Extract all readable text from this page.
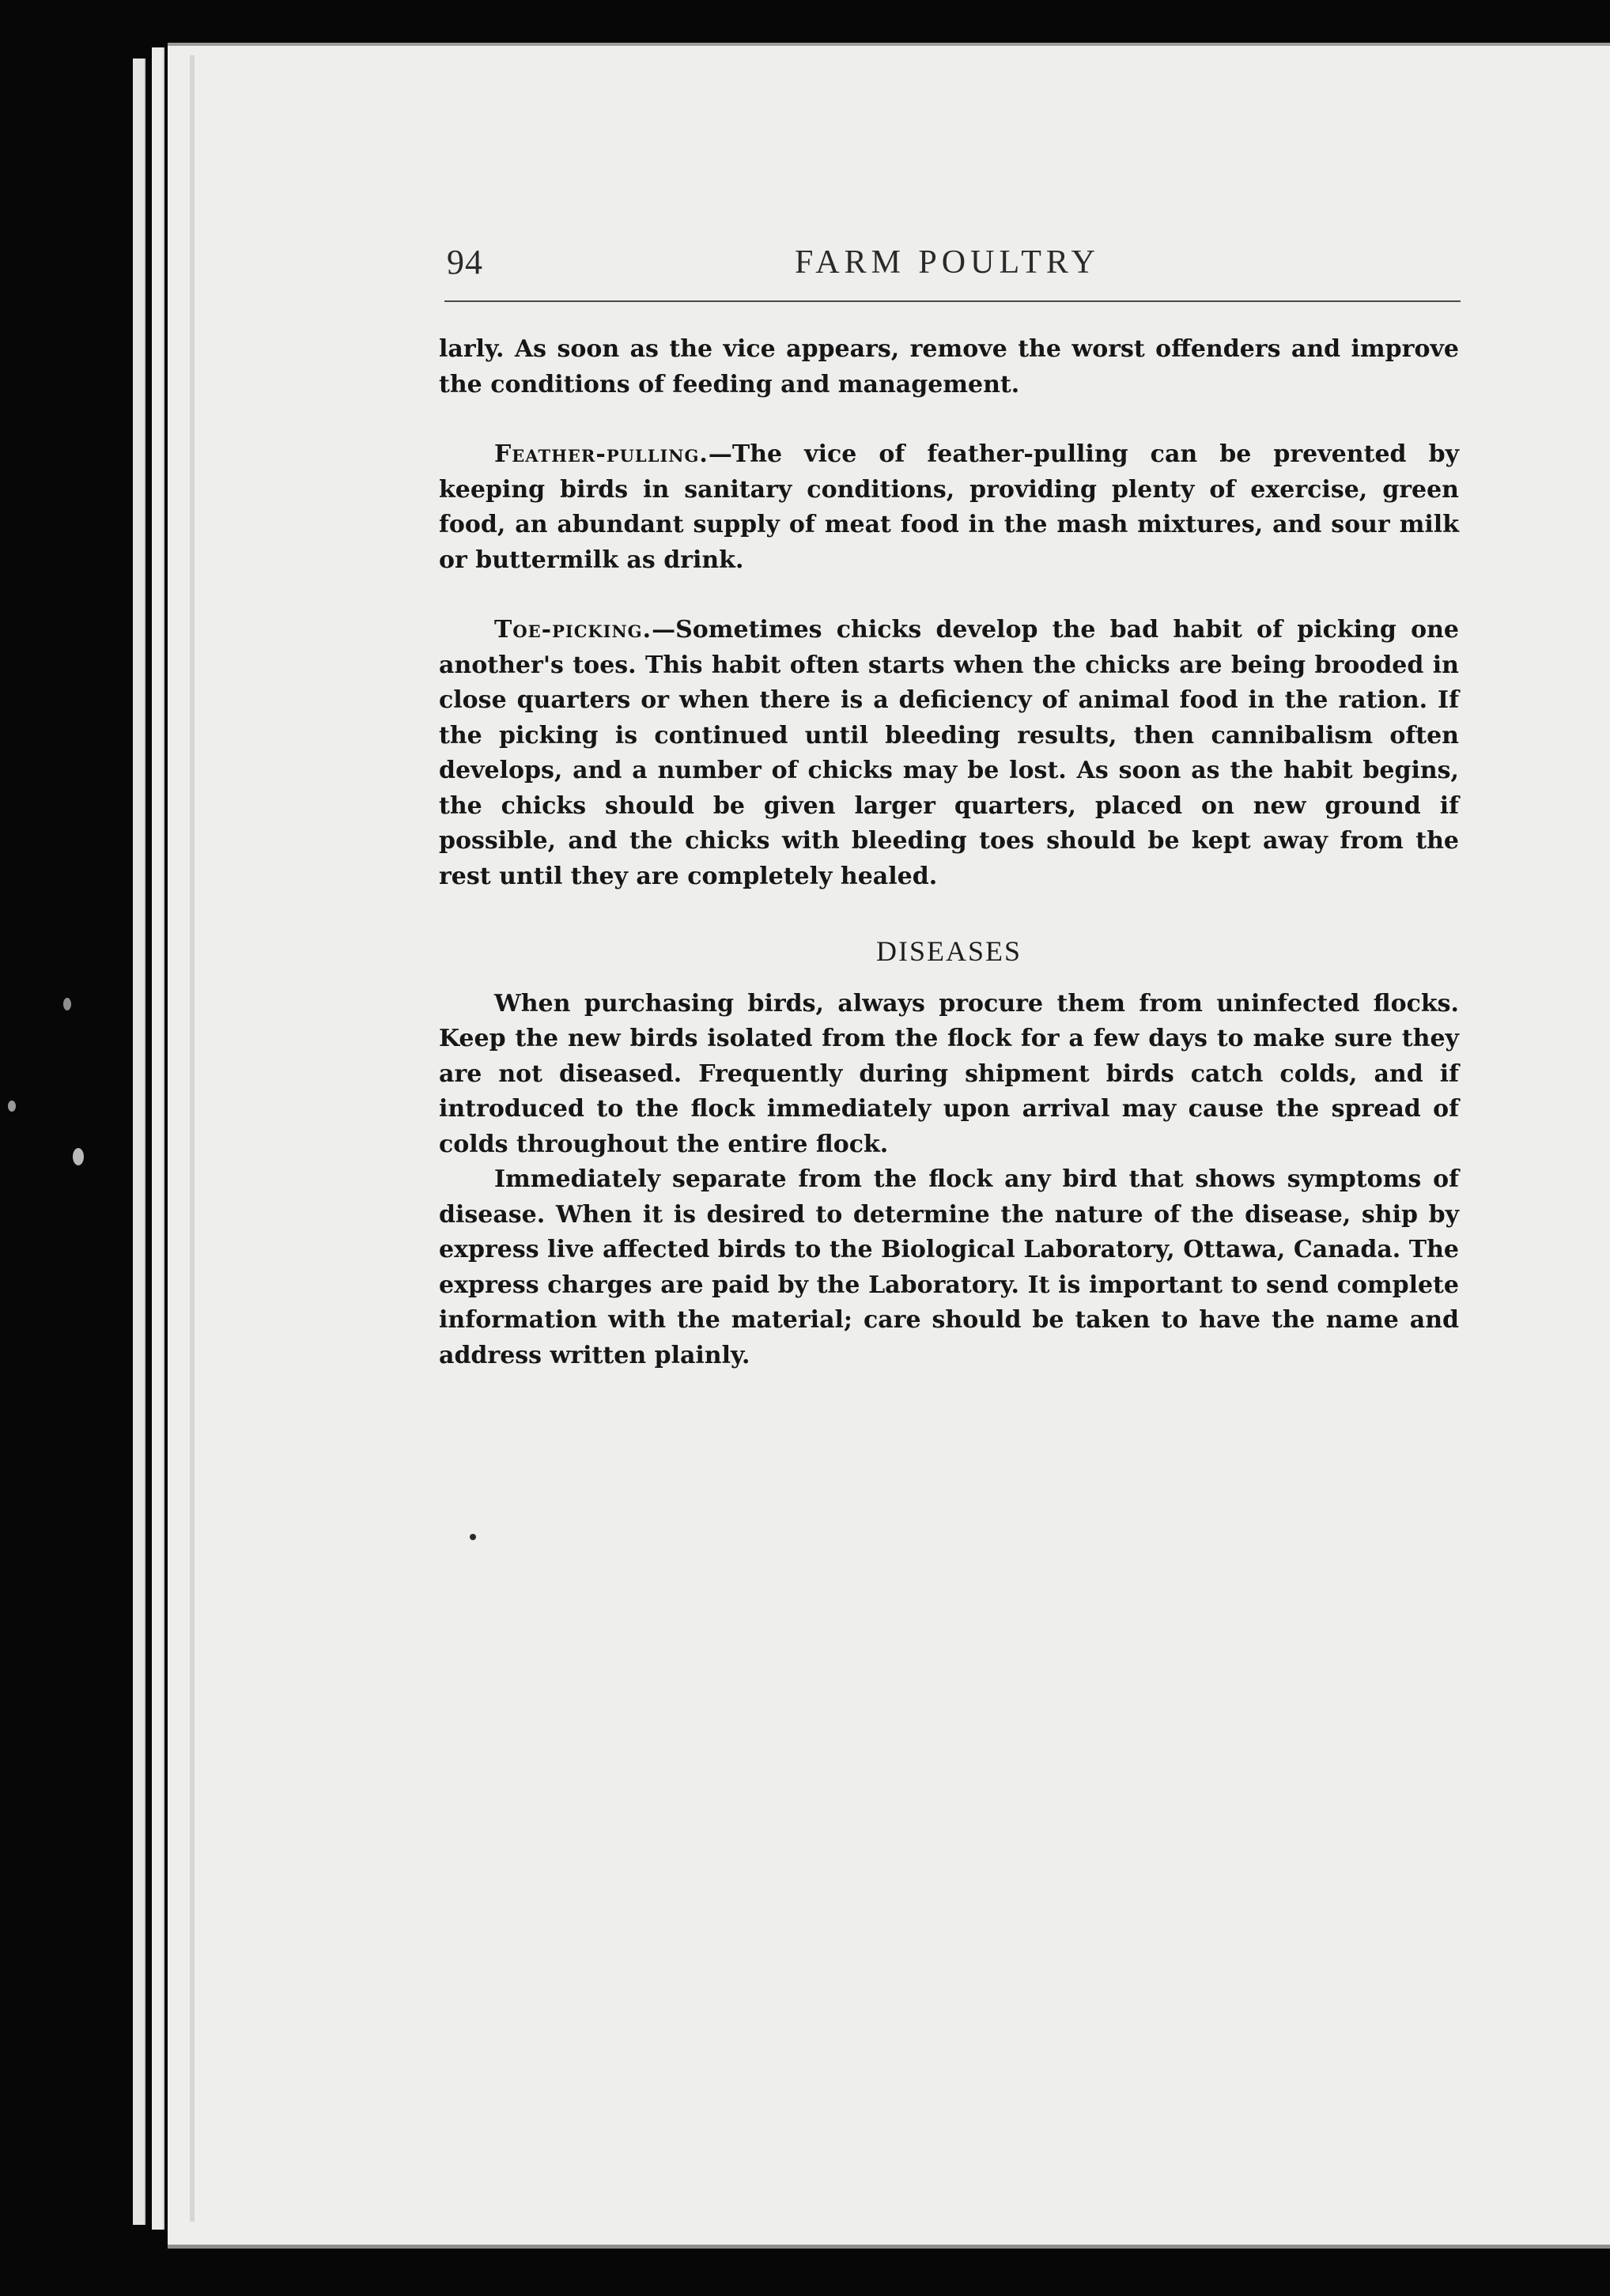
94	FARM POULTRY

larly. As soon as the vice appears, remove the worst offenders and improve the conditions of feeding and management.

Feather-pulling.—The vice of feather-pulling can be prevented by keeping birds in sanitary conditions, providing plenty of exercise, green food, an abundant supply of meat food in the mash mixtures, and sour milk or buttermilk as drink.

Toe-picking.—Sometimes chicks develop the bad habit of picking one another's toes. This habit often starts when the chicks are being brooded in close quarters or when there is a deficiency of animal food in the ration. If the picking is continued until bleeding results, then cannibalism often develops, and a number of chicks may be lost. As soon as the habit begins, the chicks should be given larger quarters, placed on new ground if possible, and the chicks with bleeding toes should be kept away from the rest until they are completely healed.

DISEASES

When purchasing birds, always procure them from uninfected flocks. Keep the new birds isolated from the flock for a few days to make sure they are not diseased. Frequently during shipment birds catch colds, and if introduced to the flock immediately upon arrival may cause the spread of colds throughout the entire flock.

Immediately separate from the flock any bird that shows symptoms of disease. When it is desired to determine the nature of the disease, ship by express live affected birds to the Biological Laboratory, Ottawa, Canada. The express charges are paid by the Laboratory. It is important to send complete information with the material; care should be taken to have the name and address written plainly.
